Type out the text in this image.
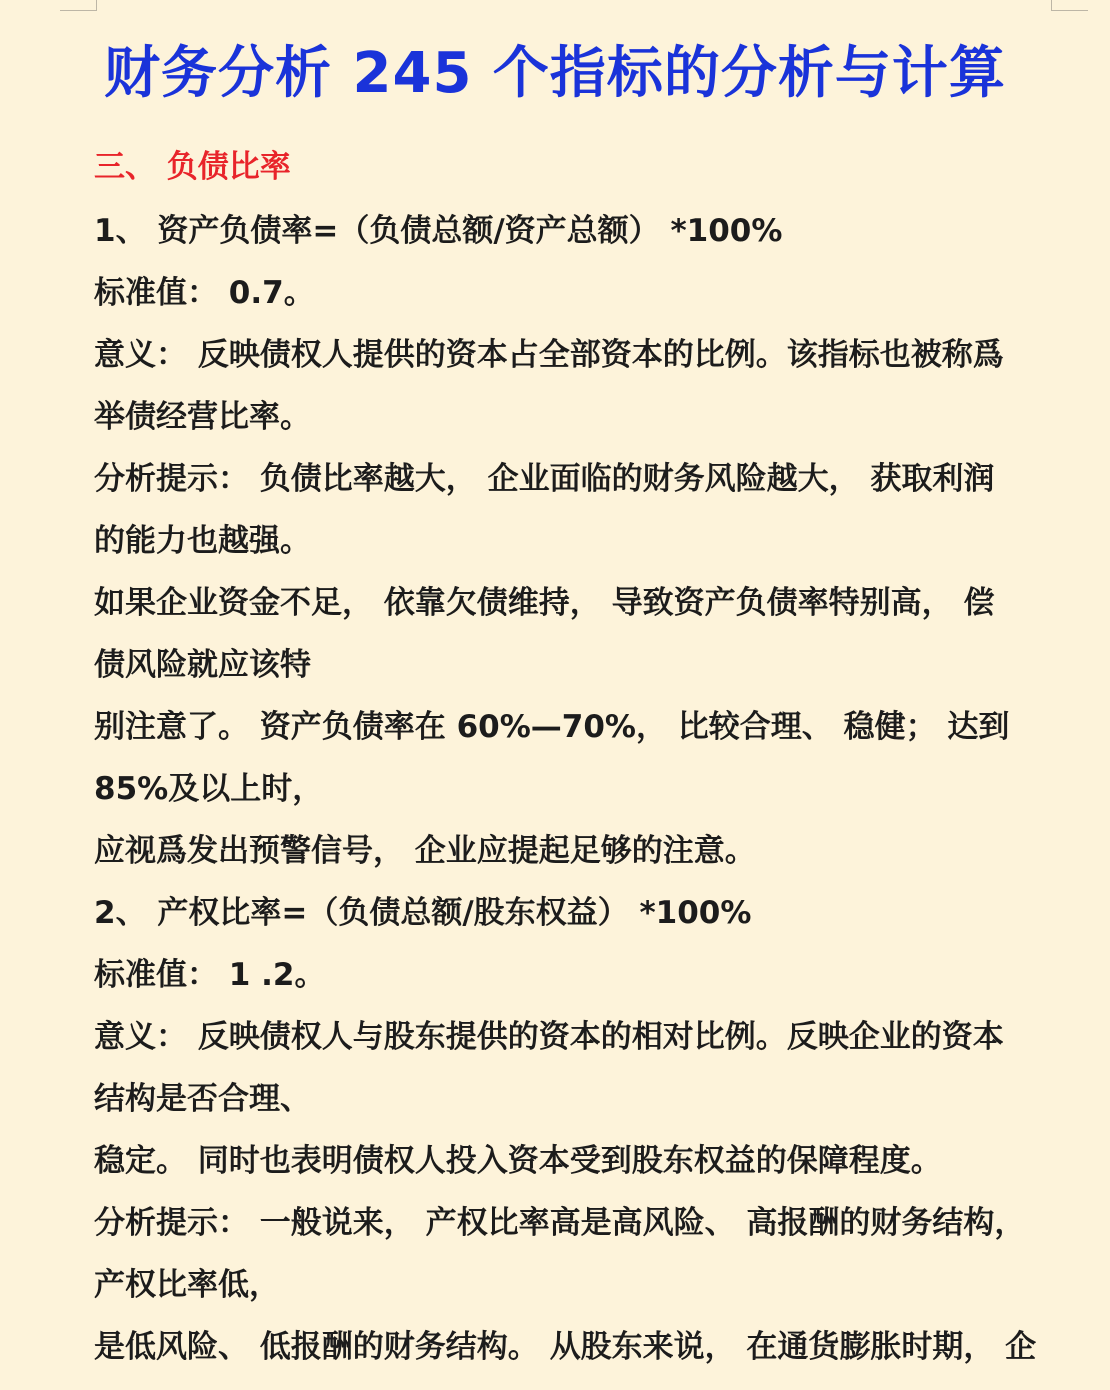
财务分析 245 个指标的分析与计算
三、 负债比率
1、 资产负债率=（负债总额/资产总额） *100%
标准值： 0.7。
意义： 反映债权人提供的资本占全部资本的比例。该指标也被称爲
举债经营比率。
分析提示： 负债比率越大， 企业面临的财务风险越大， 获取利润
的能力也越强。
如果企业资金不足， 依靠欠债维持， 导致资产负债率特别高， 偿
债风险就应该特
别注意了。 资产负债率在 60%—70%， 比较合理、 稳健； 达到
85%及以上时，
应视爲发出预警信号， 企业应提起足够的注意。
2、 产权比率=（负债总额/股东权益） *100%
标准值： 1 .2。
意义： 反映债权人与股东提供的资本的相对比例。反映企业的资本
结构是否合理、
稳定。 同时也表明债权人投入资本受到股东权益的保障程度。
分析提示： 一般说来， 产权比率高是高风险、 高报酬的财务结构，
产权比率低，
是低风险、 低报酬的财务结构。 从股东来说， 在通货膨胀时期， 企
